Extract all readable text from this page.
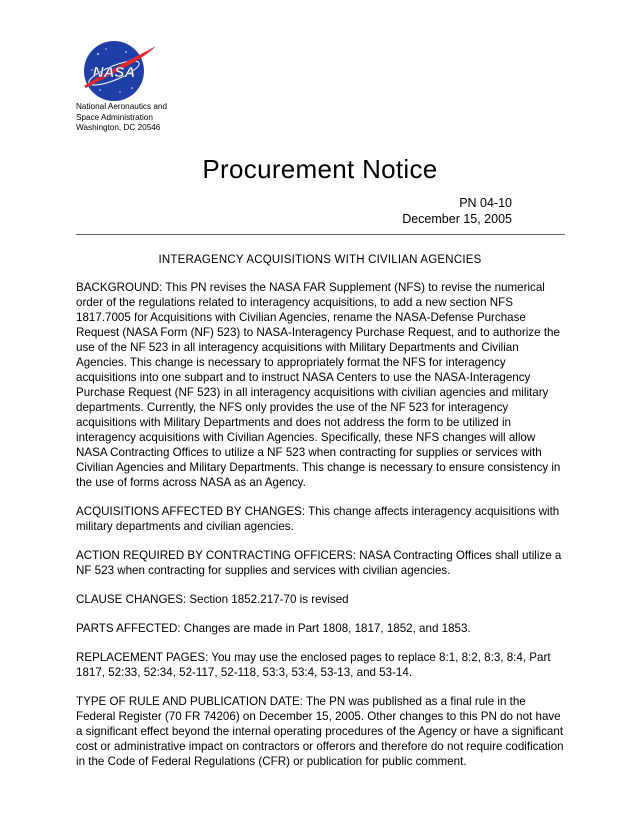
NASA
National Aeronautics and
Space Administration
Washington, DC 20546
Procurement Notice
PN 04-10
December 15, 2005
INTERAGENCY ACQUISITIONS WITH CIVILIAN AGENCIES

BACKGROUND: This PN revises the NASA FAR Supplement (NFS) to revise the numerical order of the regulations related to interagency acquisitions, to add a new section NFS 1817.7005 for Acquisitions with Civilian Agencies, rename the NASA-Defense Purchase Request (NASA Form (NF) 523) to NASA-Interagency Purchase Request, and to authorize the use of the NF 523 in all interagency acquisitions with Military Departments and Civilian Agencies. This change is necessary to appropriately format the NFS for interagency acquisitions into one subpart and to instruct NASA Centers to use the NASA-Interagency Purchase Request (NF 523) in all interagency acquisitions with civilian agencies and military departments. Currently, the NFS only provides the use of the NF 523 for interagency acquisitions with Military Departments and does not address the form to be utilized in interagency acquisitions with Civilian Agencies. Specifically, these NFS changes will allow NASA Contracting Offices to utilize a NF 523 when contracting for supplies or services with Civilian Agencies and Military Departments. This change is necessary to ensure consistency in the use of forms across NASA as an Agency.

ACQUISITIONS AFFECTED BY CHANGES: This change affects interagency acquisitions with military departments and civilian agencies.

ACTION REQUIRED BY CONTRACTING OFFICERS: NASA Contracting Offices shall utilize a NF 523 when contracting for supplies and services with civilian agencies.

CLAUSE CHANGES: Section 1852.217-70 is revised

PARTS AFFECTED: Changes are made in Part 1808, 1817, 1852, and 1853.

REPLACEMENT PAGES: You may use the enclosed pages to replace 8:1, 8:2, 8:3, 8:4, Part 1817, 52:33, 52:34, 52-117, 52-118, 53:3, 53:4, 53-13, and 53-14.

TYPE OF RULE AND PUBLICATION DATE: The PN was published as a final rule in the Federal Register (70 FR 74206) on December 15, 2005. Other changes to this PN do not have a significant effect beyond the internal operating procedures of the Agency or have a significant cost or administrative impact on contractors or offerors and therefore do not require codification in the Code of Federal Regulations (CFR) or publication for public comment.
